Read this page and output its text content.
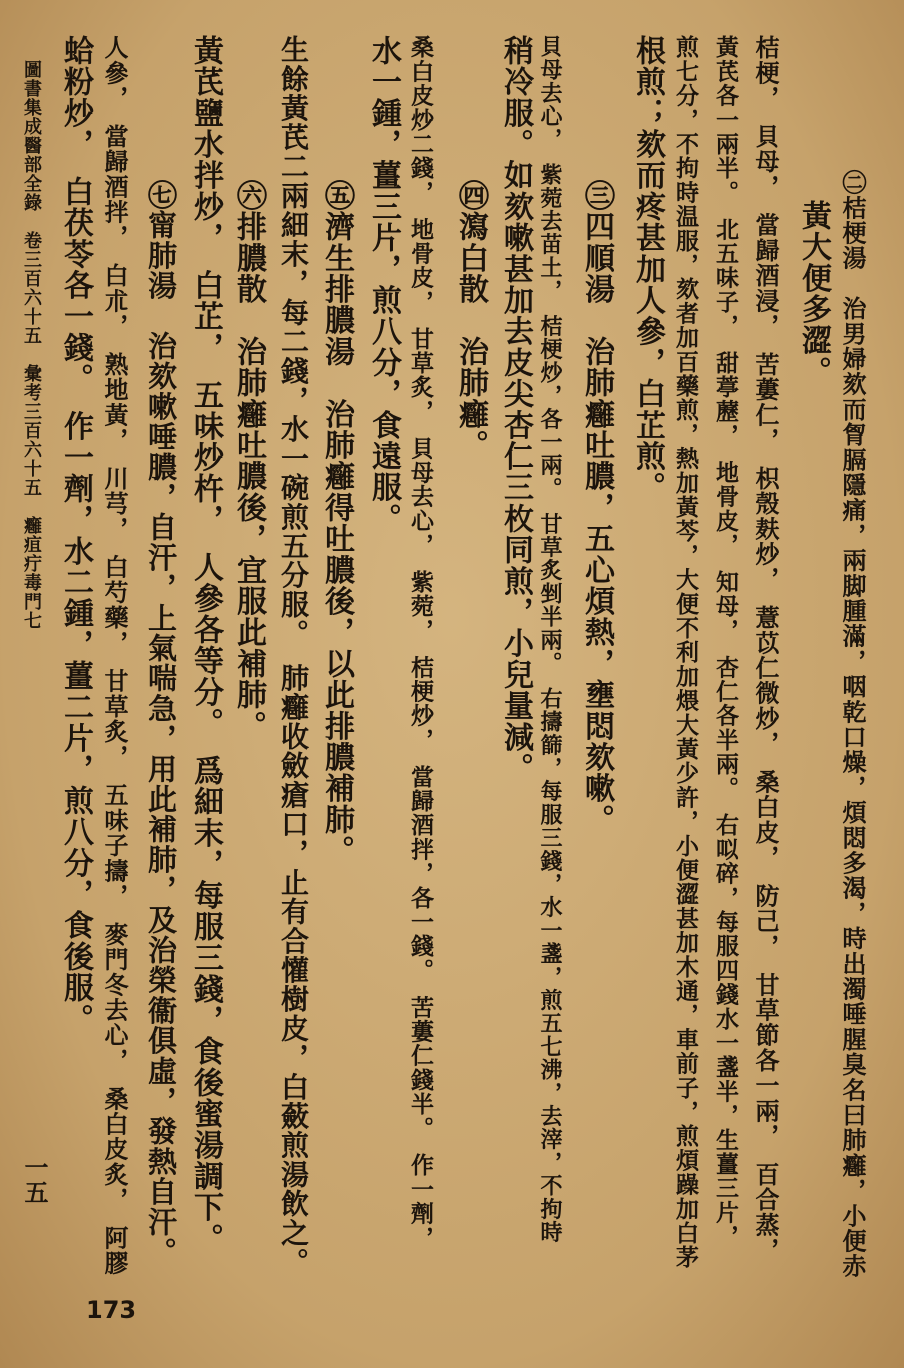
㊁桔梗湯　治男婦欬而胷膈隱痛，兩脚腫滿，咽乾口燥，煩悶多渴，時出濁唾腥臭名曰肺癰，小便赤
黃大便多澀。
桔梗，　貝母，　當歸酒浸，　苦蔞仁，　枳殼麸炒，　薏苡仁微炒，　桑白皮，　防己，　甘草節各一兩，　百合蒸，
黃芪各一兩半。　北五味子，　甜葶藶，　地骨皮，　知母，　杏仁各半兩。　右㕽碎，每服四錢水一盞半，生薑三片，
煎七分，不拘時温服，欬者加百藥煎，熱加黃芩，大便不利加煨大黃少許，小便澀甚加木通，車前子，煎煩躁加白茅
根煎；欬而疼甚加人參，白芷煎。
㊂四順湯　治肺癰吐膿，五心煩熱，壅悶欬嗽。
貝母去心，　紫菀去苗土，　桔梗炒，各一兩。　甘草炙剉半兩。　右擣篩，每服三錢，水一盞，煎五七沸，去滓，不拘時
稍冷服。如欬嗽甚加去皮尖杏仁三枚同煎，小兒量減。
㊃瀉白散　治肺癰。
桑白皮炒二錢，　地骨皮，　甘草炙，　貝母去心，　紫菀，　桔梗炒，　當歸酒拌，各一錢。　苦蔞仁錢半。　作一劑，
水一鍾，薑三片，煎八分，食遠服。
㊄濟生排膿湯　治肺癰得吐膿後，以此排膿補肺。
生餘黃芪二兩細末，每二錢，水一碗煎五分服。　肺癰收斂瘡口，止有合懽樹皮，白蘞煎湯飲之。
㊅排膿散　治肺癰吐膿後，宜服此補肺。
黃芪鹽水拌炒，　白芷，　五味炒杵，　人參各等分。　爲細末，每服三錢，食後蜜湯調下。
㊆甯肺湯　治欬嗽唾膿，自汗，上氣喘急，用此補肺，及治榮衞俱虛，發熱自汗。
人參，　當歸酒拌，　白朮，　熟地黃，　川芎，　白芍藥，　甘草炙，　五味子擣，　麥門冬去心，　桑白皮炙，　阿膠
蛤粉炒，　白茯苓各一錢。　作一劑，水二鍾，薑二片，煎八分，食後服。
圖書集成醫部全錄　卷三百六十五　彙考三百六十五　癰疽疔毒門七
一五
173
